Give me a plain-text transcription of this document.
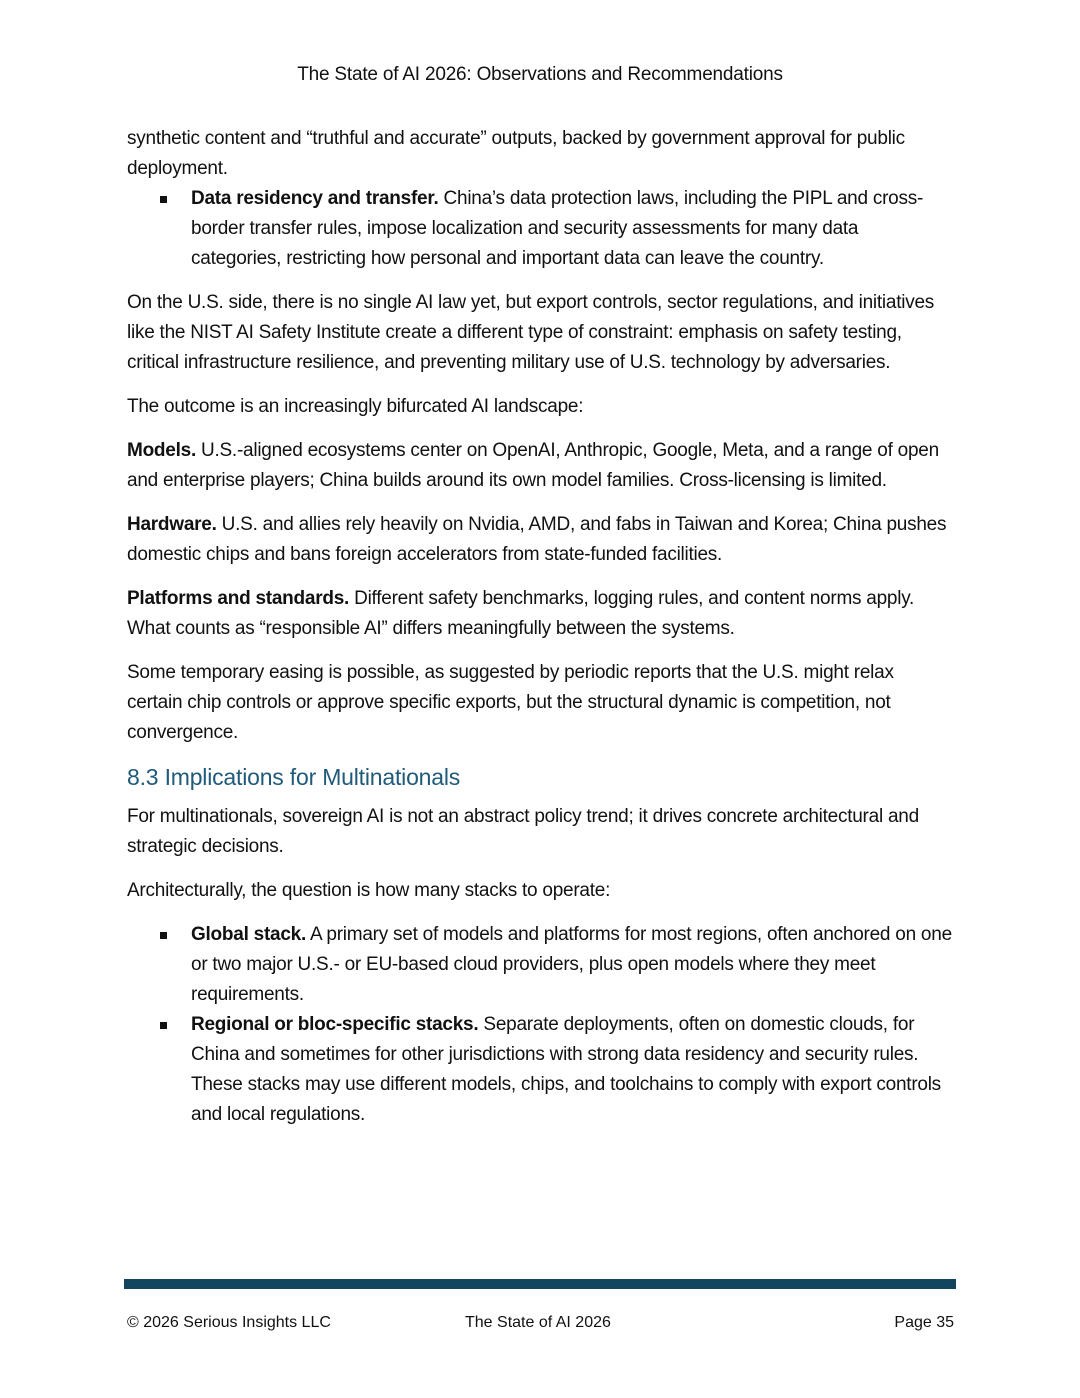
The State of AI 2026: Observations and Recommendations

synthetic content and “truthful and accurate” outputs, backed by government approval for public deployment.

Data residency and transfer. China’s data protection laws, including the PIPL and cross-border transfer rules, impose localization and security assessments for many data categories, restricting how personal and important data can leave the country.

On the U.S. side, there is no single AI law yet, but export controls, sector regulations, and initiatives like the NIST AI Safety Institute create a different type of constraint: emphasis on safety testing, critical infrastructure resilience, and preventing military use of U.S. technology by adversaries.

The outcome is an increasingly bifurcated AI landscape:

Models. U.S.-aligned ecosystems center on OpenAI, Anthropic, Google, Meta, and a range of open and enterprise players; China builds around its own model families. Cross-licensing is limited.

Hardware. U.S. and allies rely heavily on Nvidia, AMD, and fabs in Taiwan and Korea; China pushes domestic chips and bans foreign accelerators from state-funded facilities.

Platforms and standards. Different safety benchmarks, logging rules, and content norms apply. What counts as “responsible AI” differs meaningfully between the systems.

Some temporary easing is possible, as suggested by periodic reports that the U.S. might relax certain chip controls or approve specific exports, but the structural dynamic is competition, not convergence.

8.3 Implications for Multinationals

For multinationals, sovereign AI is not an abstract policy trend; it drives concrete architectural and strategic decisions.

Architecturally, the question is how many stacks to operate:

Global stack. A primary set of models and platforms for most regions, often anchored on one or two major U.S.- or EU-based cloud providers, plus open models where they meet requirements.
Regional or bloc-specific stacks. Separate deployments, often on domestic clouds, for China and sometimes for other jurisdictions with strong data residency and security rules. These stacks may use different models, chips, and toolchains to comply with export controls and local regulations.
© 2026 Serious Insights LLC	The State of AI 2026	Page 35
